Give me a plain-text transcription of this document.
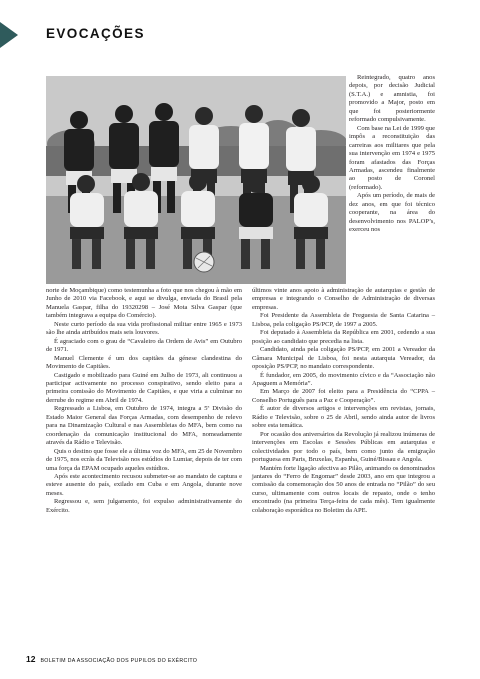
EVOCAÇÕES

norte de Moçambique) como testemunha a foto que nos chegou à mão em Junho de 2010 via Facebook, e aqui se divulga, enviada do Brasil pela Manuela Gaspar, filha do 19320298 – José Mota Silva Gaspar (que também integrava a equipa do Comércio).

Neste curto período da sua vida profissional militar entre 1965 e 1973 são lhe ainda atribuídos mais seis louvores.

É agraciado com o grau de “Cavaleiro da Ordem de Avis” em Outubro de 1971.

Manuel Clemente é um dos capitães da génese clandestina do Movimento de Capitães.

Castigado e mobilizado para Guiné em Julho de 1973, ali continuou a participar activamente no processo conspirativo, sendo eleito para a primeira comissão do Movimento de Capitães, e que viria a culminar no derrube do regime em Abril de 1974.

Regressado a Lisboa, em Outubro de 1974, integra a 5ª Divisão do Estado Maior General das Forças Armadas, com desempenho de relevo para na Dinamização Cultural e nas Assembleias do MFA, bem como na coordenação da comunicação institucional do MFA, nomeadamente através da Rádio e Televisão.

Quis o destino que fosse ele a última voz do MFA, em 25 de Novembro de 1975, nos ecrãs da Televisão nos estúdios do Lumiar, depois de ter com uma força da EPAM ocupado aqueles estúdios.

Após este acontecimento recusou submeter-se ao mandato de captura e esteve ausente do país, exilado em Cuba e em Angola, durante nove meses.

Regressou e, sem julgamento, foi expulso administrativamente do Exército.

Reintegrado, quatro anos depois, por decisão Judicial (S.T.A.) e amnistia, foi promovido a Major, posto em que foi posteriormente reformado compulsivamente.

Com base na Lei de 1999 que impôs a reconstituição das carreiras aos militares que pela sua intervenção em 1974 e 1975 foram afastados das Forças Armadas, ascendeu finalmente ao posto de Coronel (reformado).

Após um período, de mais de dez anos, em que foi técnico cooperante, na área do desenvolvimento nos PALOP’s, exerceu nos

últimos vinte anos apoio à administração de autarquias e gestão de empresas e integrando o Conselho de Administração de diversas empresas.

Foi Presidente da Assembleia de Freguesia de Santa Catarina – Lisboa, pela coligação PS/PCP, de 1997 a 2005.

Foi deputado à Assembleia da República em 2001, cedendo a sua posição ao candidato que precedia na lista.

Candidato, ainda pela coligação PS/PCP, em 2001 a Vereador da Câmara Municipal de Lisboa, foi nesta autarquia Vereador, da oposição PS/PCP, no mandato correspondente.

É fundador, em 2005, do movimento cívico e da “Associação não Apaguem a Memória”.

Em Março de 2007 foi eleito para a Presidência do “CPPA – Conselho Português para a Paz e Cooperação”.

É autor de diversos artigos e intervenções em revistas, jornais, Rádio e Televisão, sobre o 25 de Abril, sendo ainda autor de livros sobre esta temática.

Por ocasião dos aniversários da Revolução já realizou inúmeras de intervenções em Escolas e Sessões Públicas em autarquias e colectividades por todo o país, bem como junto da emigração portuguesa em Paris, Bruxelas, Espanha, Guiné/Bissau e Angola.

Mantém forte ligação afectiva ao Pilão, animando os denominados jantares do “Ferro de Engomar” desde 2003, ano em que integrou a comissão da comemoração dos 50 anos de entrada no “Pilão” do seu curso, ultimamente com outros locais de repasto, onde o tenho encontrado (na primeira Terça-feira de cada mês). Tem igualmente colaboração esporádica no Boletim da APE.

12 BOLETIM DA ASSOCIAÇÃO DOS PUPILOS DO EXÉRCITO
